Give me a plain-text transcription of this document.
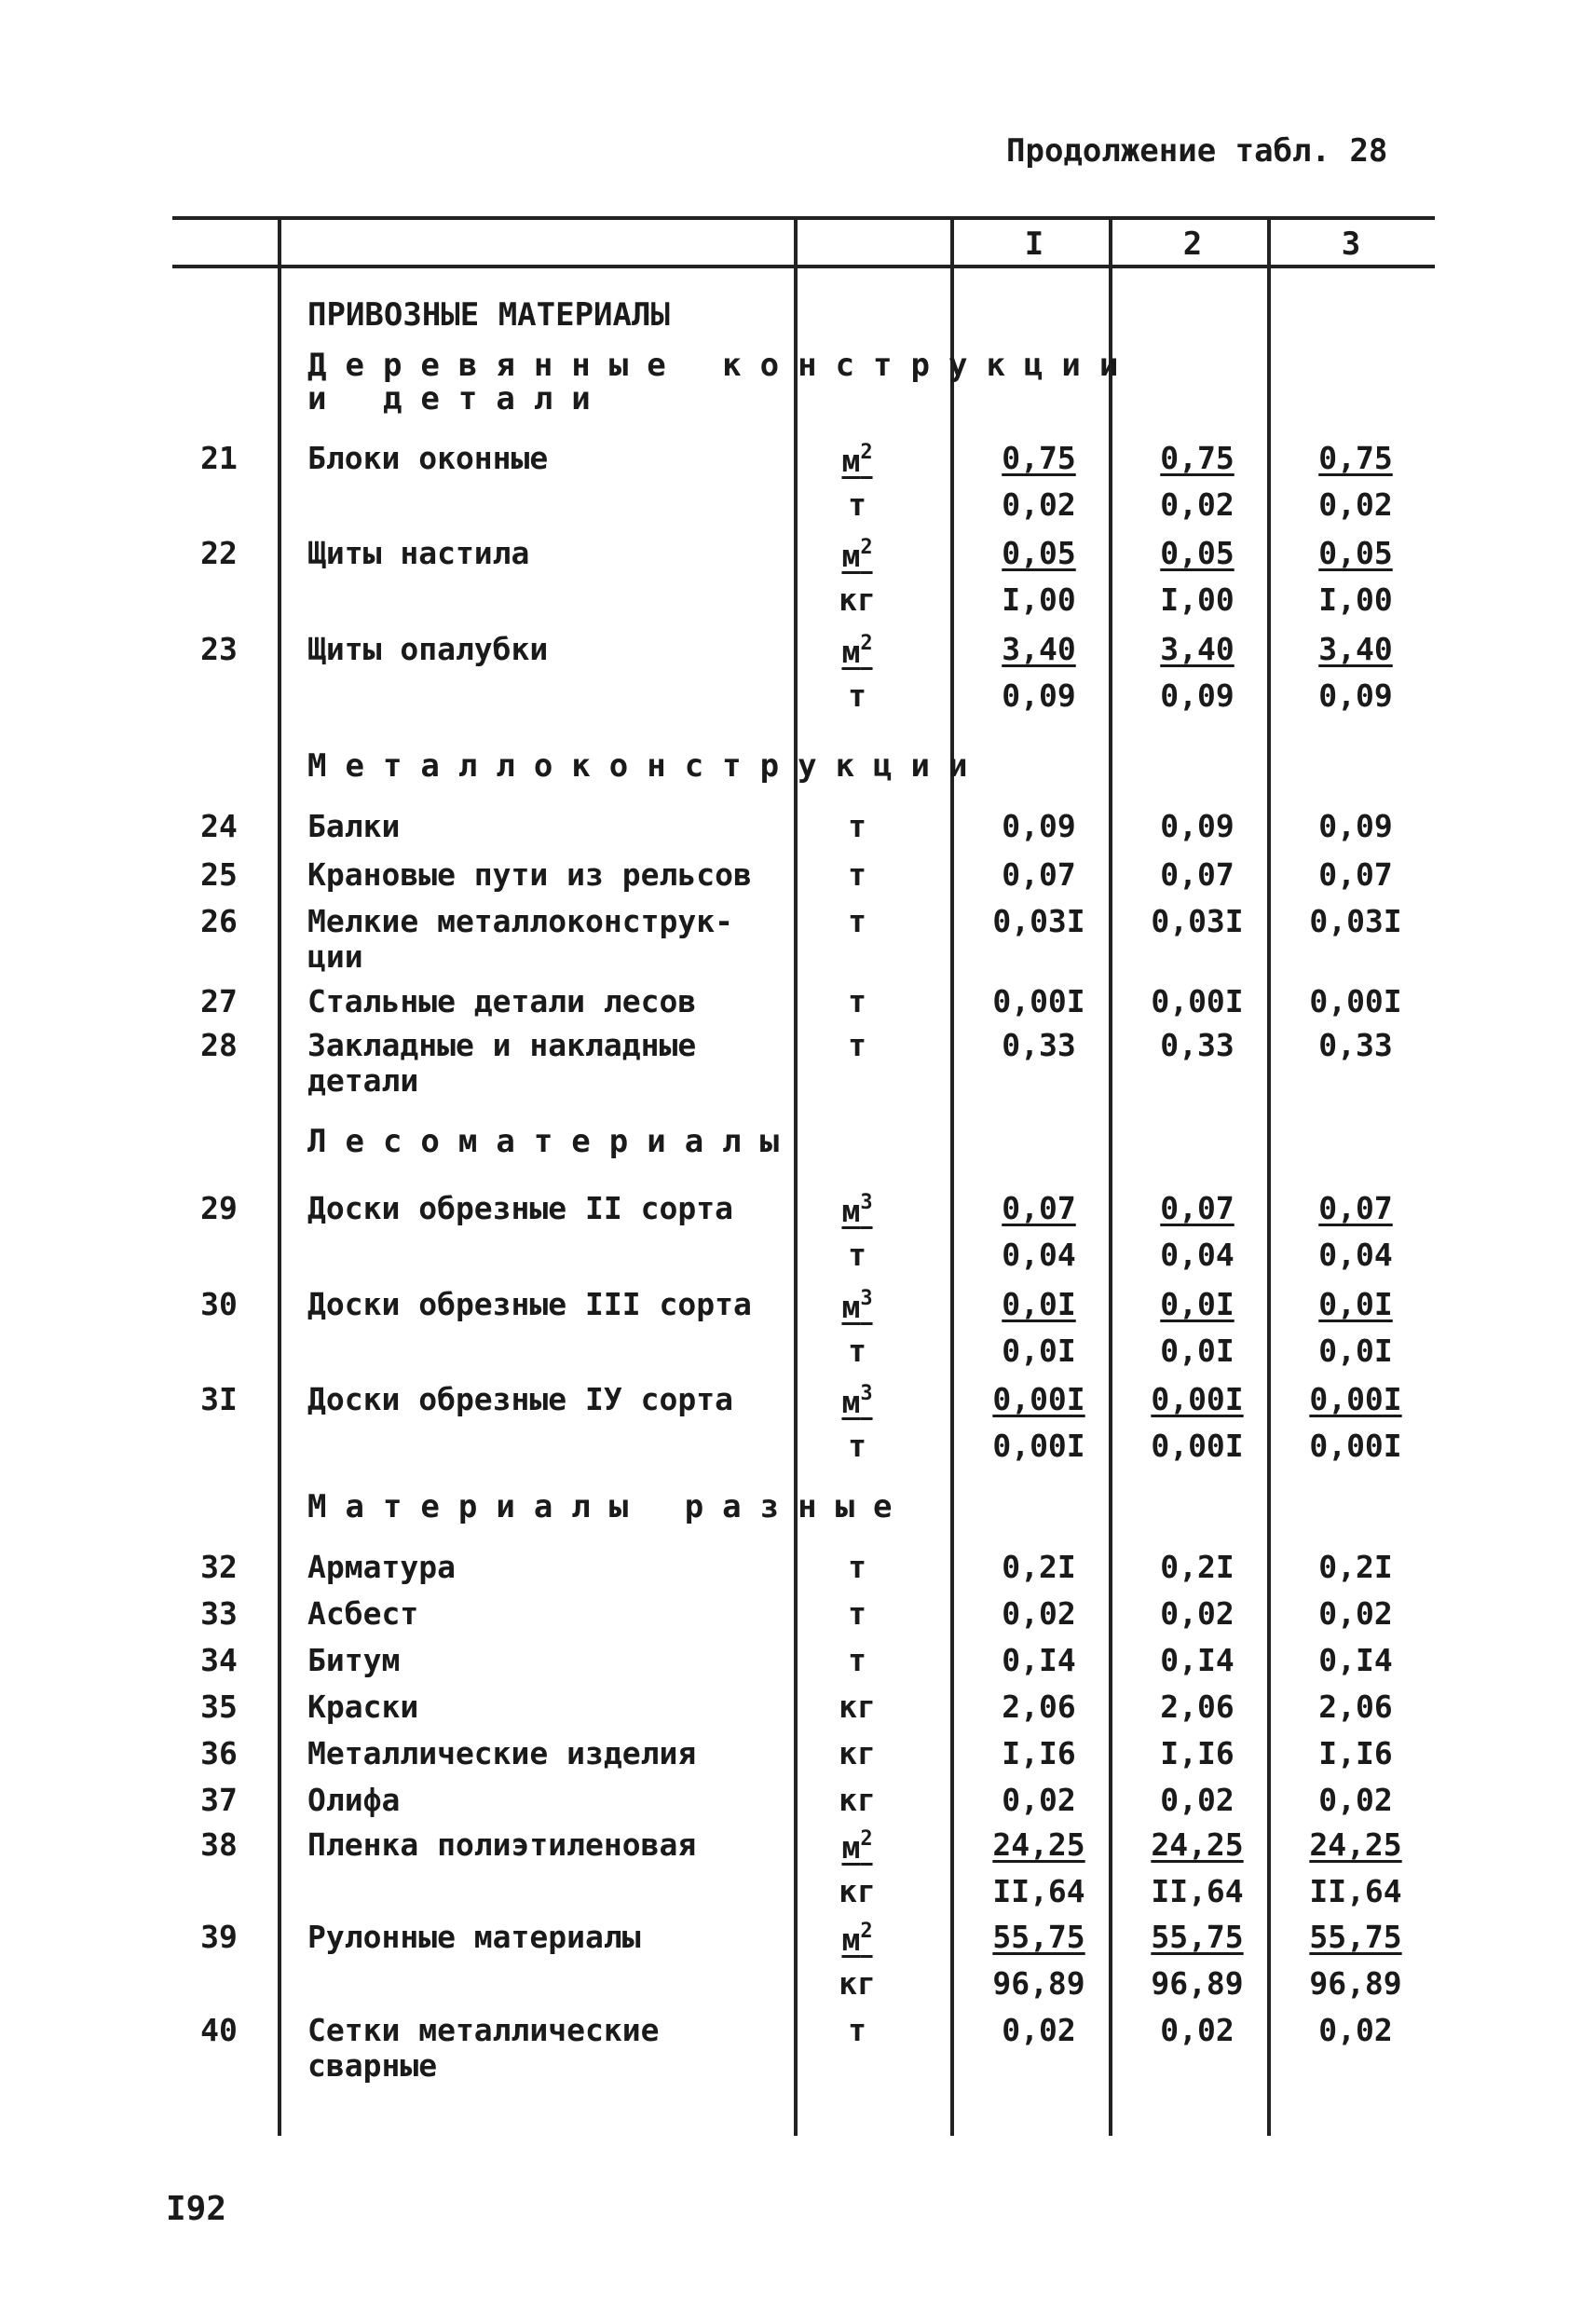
Продолжение табл. 28
I	2	3
ПРИВОЗНЫЕ МАТЕРИАЛЫ
Деревянные конструкции
и детали
Металлоконструкции
Лесоматериалы
Материалы разные
21	Блоки оконные	$м^2$	0,75	0,75	0,75
т	0,02	0,02	0,02
22	Щиты настила	$м^2$	0,05	0,05	0,05
кг	I,00	I,00	I,00
23	Щиты опалубки	$м^2$	3,40	3,40	3,40
т	0,09	0,09	0,09
24	Балки	т	0,09	0,09	0,09
25	Крановые пути из рельсов	т	0,07	0,07	0,07
26	Мелкие металлоконструк-
ции
т	0,03I	0,03I	0,03I
27	Стальные детали лесов	т	0,00I	0,00I	0,00I
28	Закладные и накладные
детали
т	0,33	0,33	0,33
29	Доски обрезные II сорта	$м^3$	0,07	0,07	0,07
т	0,04	0,04	0,04
30	Доски обрезные III сорта	$м^3$	0,0I	0,0I	0,0I
т	0,0I	0,0I	0,0I
3I	Доски обрезные IУ сорта	$м^3$	0,00I	0,00I	0,00I
т	0,00I	0,00I	0,00I
32	Арматура	т	0,2I	0,2I	0,2I
33	Асбест	т	0,02	0,02	0,02
34	Битум	т	0,I4	0,I4	0,I4
35	Краски	кг	2,06	2,06	2,06
36	Металлические изделия	кг	I,I6	I,I6	I,I6
37	Олифа	кг	0,02	0,02	0,02
38	Пленка полиэтиленовая	$м^2$	24,25	24,25	24,25
кг	II,64	II,64	II,64
39	Рулонные материалы	$м^2$	55,75	55,75	55,75
кг	96,89	96,89	96,89
40	Сетки металлические
сварные
т	0,02	0,02	0,02
I92
